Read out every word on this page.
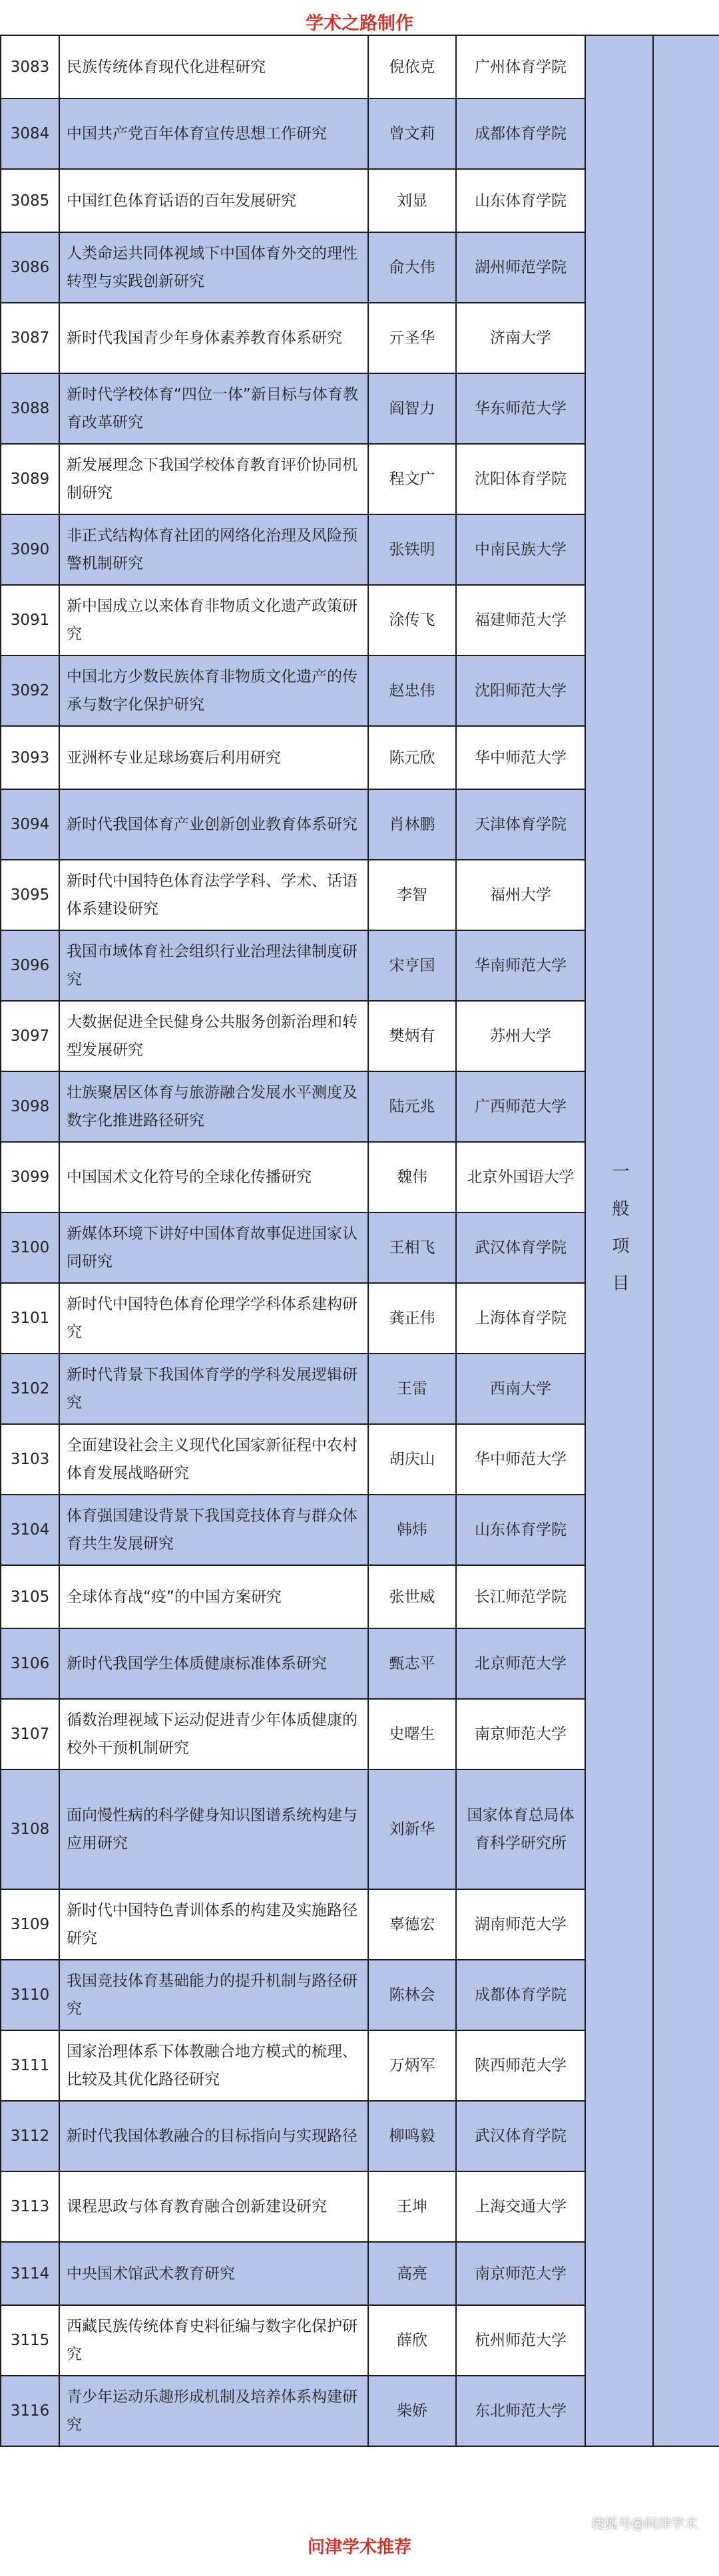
学术之路制作
3083	民族传统体育现代化进程研究	倪依克	广州体育学院	一般项目	
3084	中国共产党百年体育宣传思想工作研究	曾文莉	成都体育学院		
3085	中国红色体育话语的百年发展研究	刘显	山东体育学院		
3086	人类命运共同体视域下中国体育外交的理性转型与实践创新研究	俞大伟	湖州师范学院		
3087	新时代我国青少年身体素养教育体系研究	亓圣华	济南大学		
3088	新时代学校体育“四位一体”新目标与体育教育改革研究	阎智力	华东师范大学		
3089	新发展理念下我国学校体育教育评价协同机制研究	程文广	沈阳体育学院		
3090	非正式结构体育社团的网络化治理及风险预警机制研究	张铁明	中南民族大学		
3091	新中国成立以来体育非物质文化遗产政策研究	涂传飞	福建师范大学		
3092	中国北方少数民族体育非物质文化遗产的传承与数字化保护研究	赵忠伟	沈阳师范大学		
3093	亚洲杯专业足球场赛后利用研究	陈元欣	华中师范大学		
3094	新时代我国体育产业创新创业教育体系研究	肖林鹏	天津体育学院		
3095	新时代中国特色体育法学学科、学术、话语体系建设研究	李智	福州大学		
3096	我国市域体育社会组织行业治理法律制度研究	宋亨国	华南师范大学		
3097	大数据促进全民健身公共服务创新治理和转型发展研究	樊炳有	苏州大学		
3098	壮族聚居区体育与旅游融合发展水平测度及数字化推进路径研究	陆元兆	广西师范大学		
3099	中国国术文化符号的全球化传播研究	魏伟	北京外国语大学		
3100	新媒体环境下讲好中国体育故事促进国家认同研究	王相飞	武汉体育学院		
3101	新时代中国特色体育伦理学学科体系建构研究	龚正伟	上海体育学院		
3102	新时代背景下我国体育学的学科发展逻辑研究	王雷	西南大学		
3103	全面建设社会主义现代化国家新征程中农村体育发展战略研究	胡庆山	华中师范大学		
3104	体育强国建设背景下我国竞技体育与群众体育共生发展研究	韩炜	山东体育学院		
3105	全球体育战“疫”的中国方案研究	张世威	长江师范学院		
3106	新时代我国学生体质健康标准体系研究	甄志平	北京师范大学		
3107	循数治理视域下运动促进青少年体质健康的校外干预机制研究	史曙生	南京师范大学		
3108	面向慢性病的科学健身知识图谱系统构建与应用研究	刘新华	国家体育总局体育科学研究所		
3109	新时代中国特色青训体系的构建及实施路径研究	辜德宏	湖南师范大学		
3110	我国竞技体育基础能力的提升机制与路径研究	陈林会	成都体育学院		
3111	国家治理体系下体教融合地方模式的梳理、比较及其优化路径研究	万炳军	陕西师范大学		
3112	新时代我国体教融合的目标指向与实现路径	柳鸣毅	武汉体育学院		
3113	课程思政与体育教育融合创新建设研究	王坤	上海交通大学		
3114	中央国术馆武术教育研究	高亮	南京师范大学		
3115	西藏民族传统体育史料征编与数字化保护研究	薛欣	杭州师范大学		
3116	青少年运动乐趣形成机制及培养体系构建研究	柴娇	东北师范大学		
搜狐号@问津学术
问津学术推荐
